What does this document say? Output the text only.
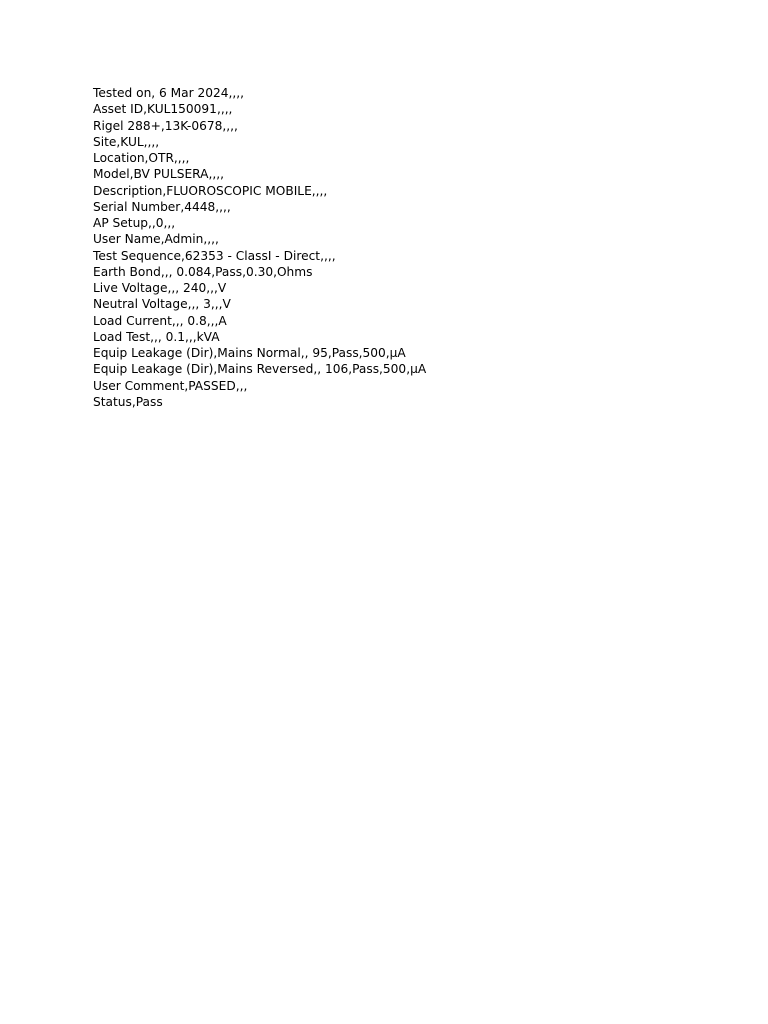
Tested on, 6 Mar 2024,,,,
Asset ID,KUL150091,,,,
Rigel 288+,13K-0678,,,,
Site,KUL,,,,
Location,OTR,,,,
Model,BV PULSERA,,,,
Description,FLUOROSCOPIC MOBILE,,,,
Serial Number,4448,,,,
AP Setup,,0,,,
User Name,Admin,,,,
Test Sequence,62353 - ClassI - Direct,,,,
Earth Bond,,, 0.084,Pass,0.30,Ohms
Live Voltage,,, 240,,,V
Neutral Voltage,,, 3,,,V
Load Current,,, 0.8,,,A
Load Test,,, 0.1,,,kVA
Equip Leakage (Dir),Mains Normal,, 95,Pass,500,µA
Equip Leakage (Dir),Mains Reversed,, 106,Pass,500,µA
User Comment,PASSED,,,
Status,Pass
